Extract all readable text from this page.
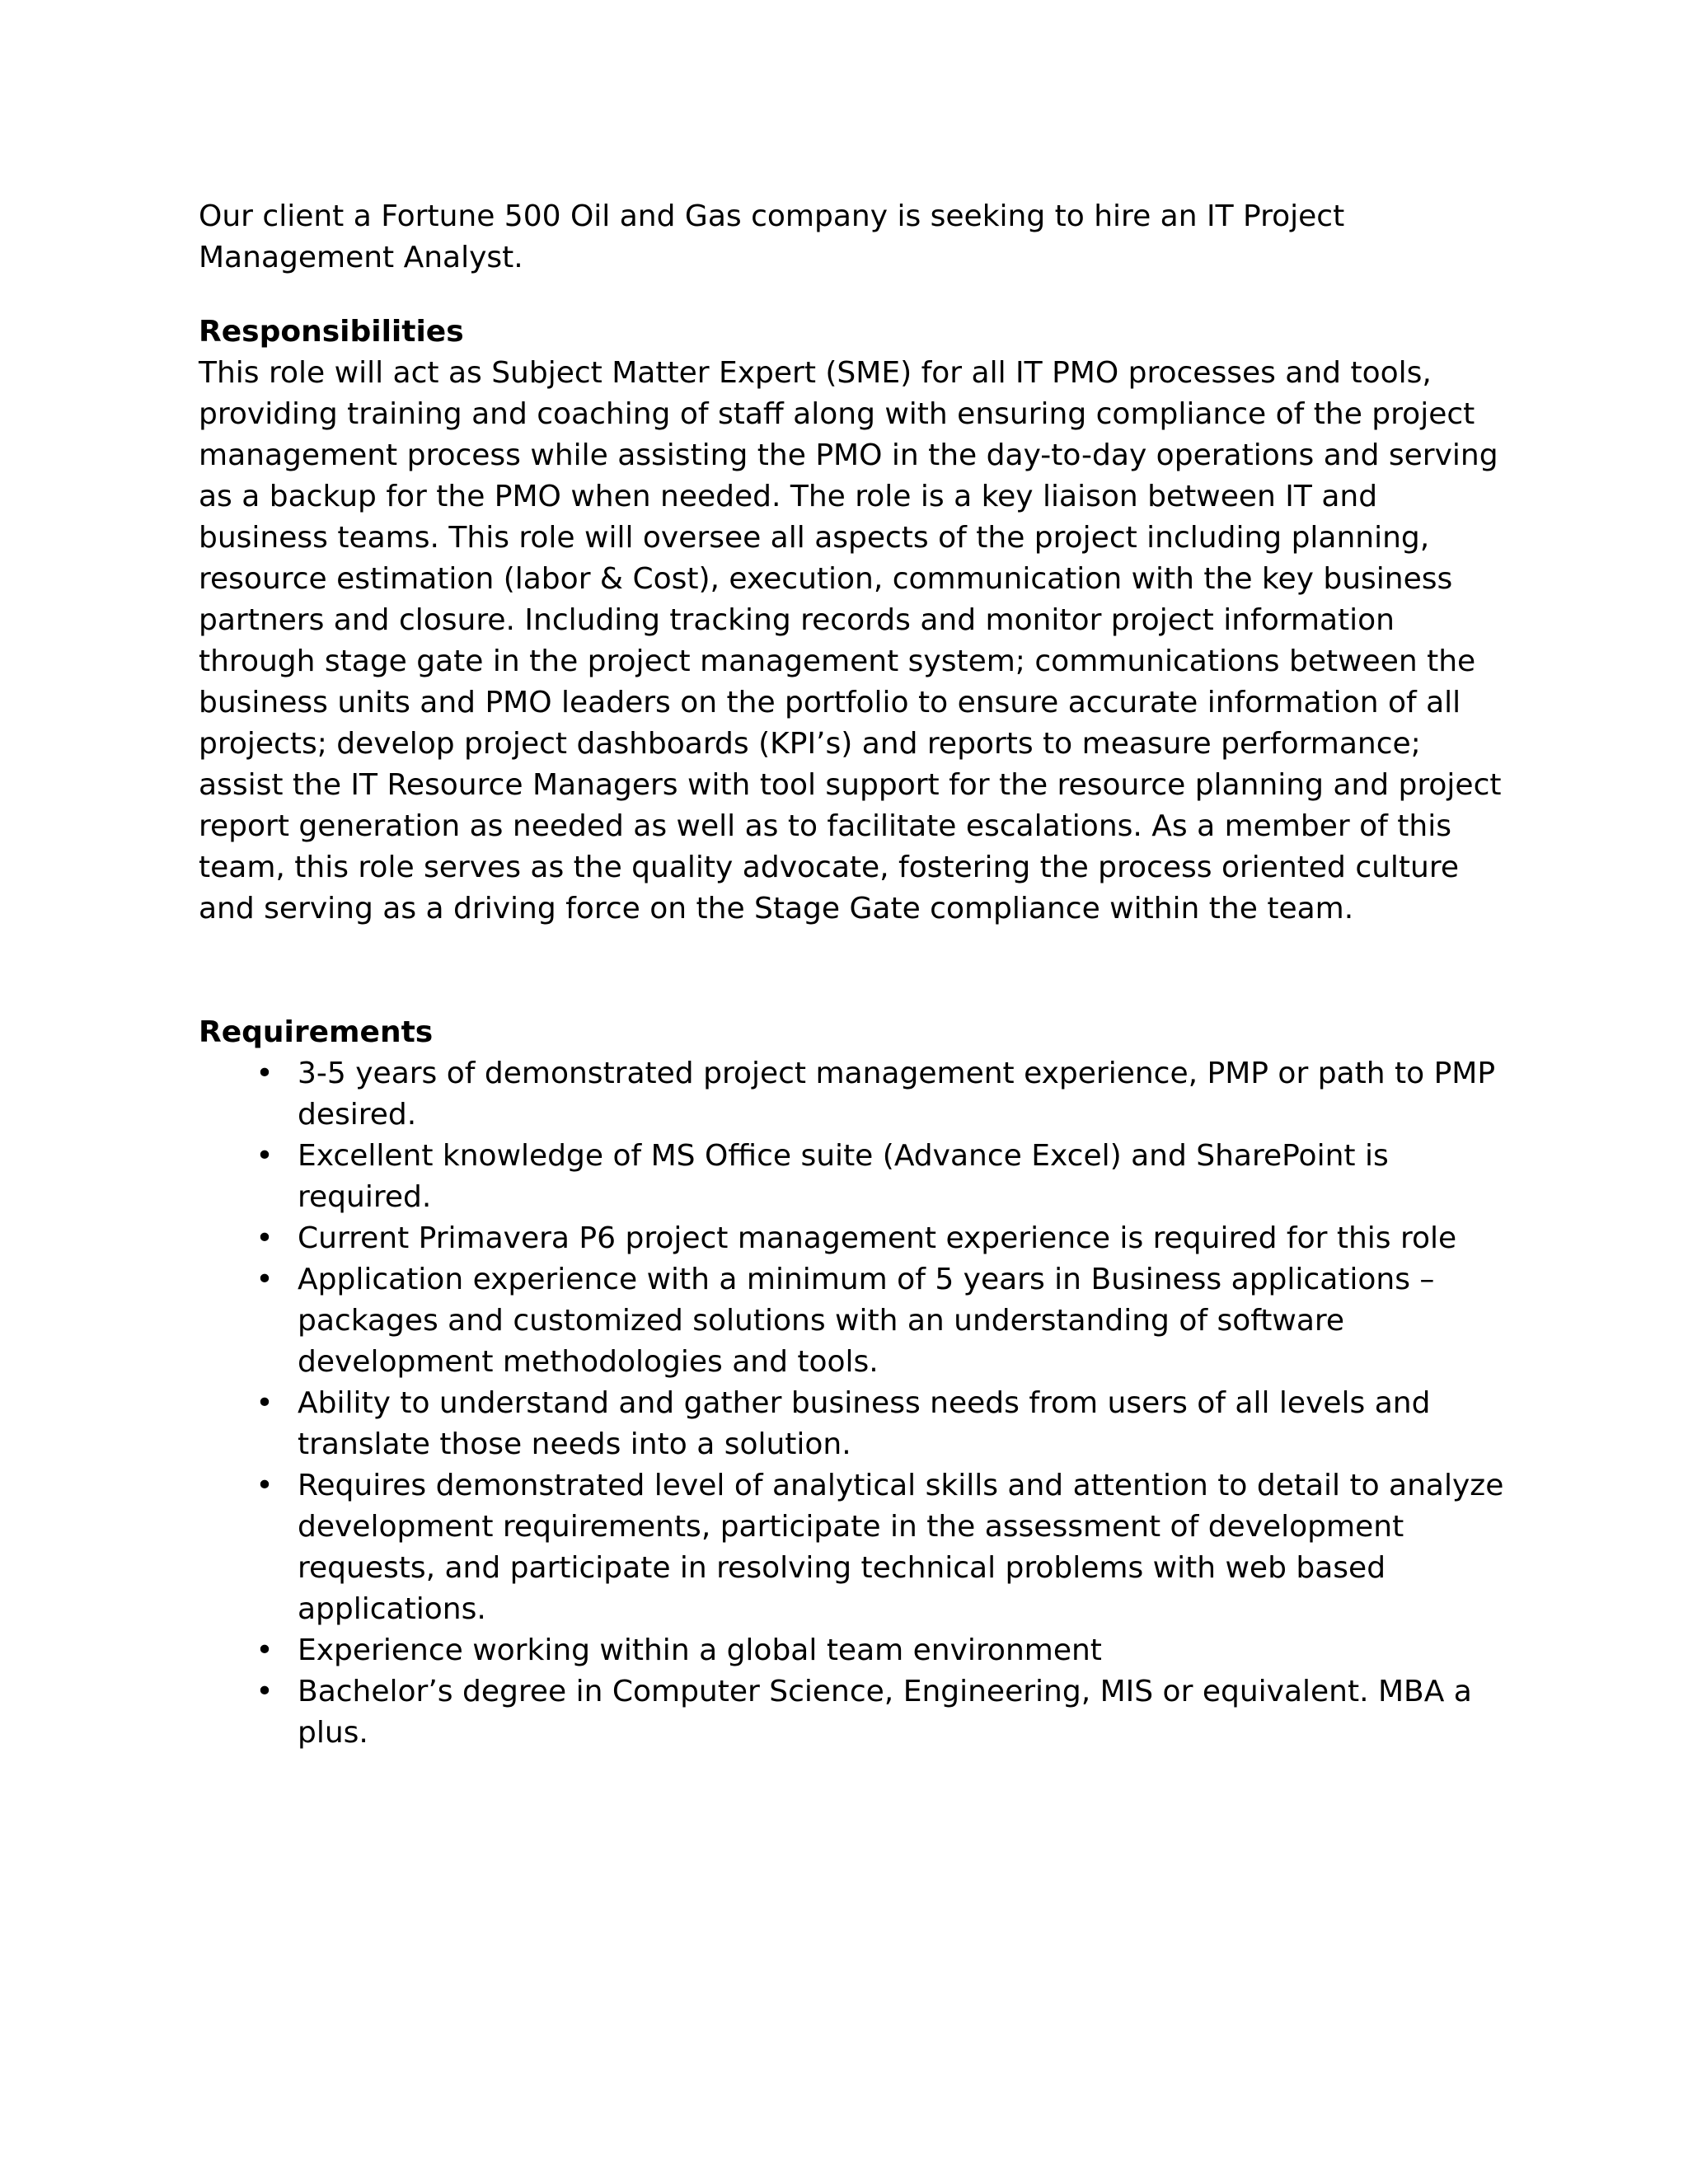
Our client a Fortune 500 Oil and Gas company is seeking to hire an IT Project Management Analyst.

Responsibilities

This role will act as Subject Matter Expert (SME) for all IT PMO processes and tools, providing training and coaching of staff along with ensuring compliance of the project management process while assisting the PMO in the day-to-day operations and serving as a backup for the PMO when needed. The role is a key liaison between IT and business teams. This role will oversee all aspects of the project including planning, resource estimation (labor & Cost), execution, communication with the key business partners and closure. Including tracking records and monitor project information through stage gate in the project management system; communications between the business units and PMO leaders on the portfolio to ensure accurate information of all projects; develop project dashboards (KPI’s) and reports to measure performance; assist the IT Resource Managers with tool support for the resource planning and project report generation as needed as well as to facilitate escalations. As a member of this team, this role serves as the quality advocate, fostering the process oriented culture and serving as a driving force on the Stage Gate compliance within the team.

Requirements
• 3-5 years of demonstrated project management experience, PMP or path to PMP desired.
• Excellent knowledge of MS Office suite (Advance Excel) and SharePoint is required.
• Current Primavera P6 project management experience is required for this role
• Application experience with a minimum of 5 years in Business applications – packages and customized solutions with an understanding of software development methodologies and tools.
• Ability to understand and gather business needs from users of all levels and translate those needs into a solution.
• Requires demonstrated level of analytical skills and attention to detail to analyze development requirements, participate in the assessment of development requests, and participate in resolving technical problems with web based applications.
• Experience working within a global team environment
• Bachelor’s degree in Computer Science, Engineering, MIS or equivalent. MBA a plus.
